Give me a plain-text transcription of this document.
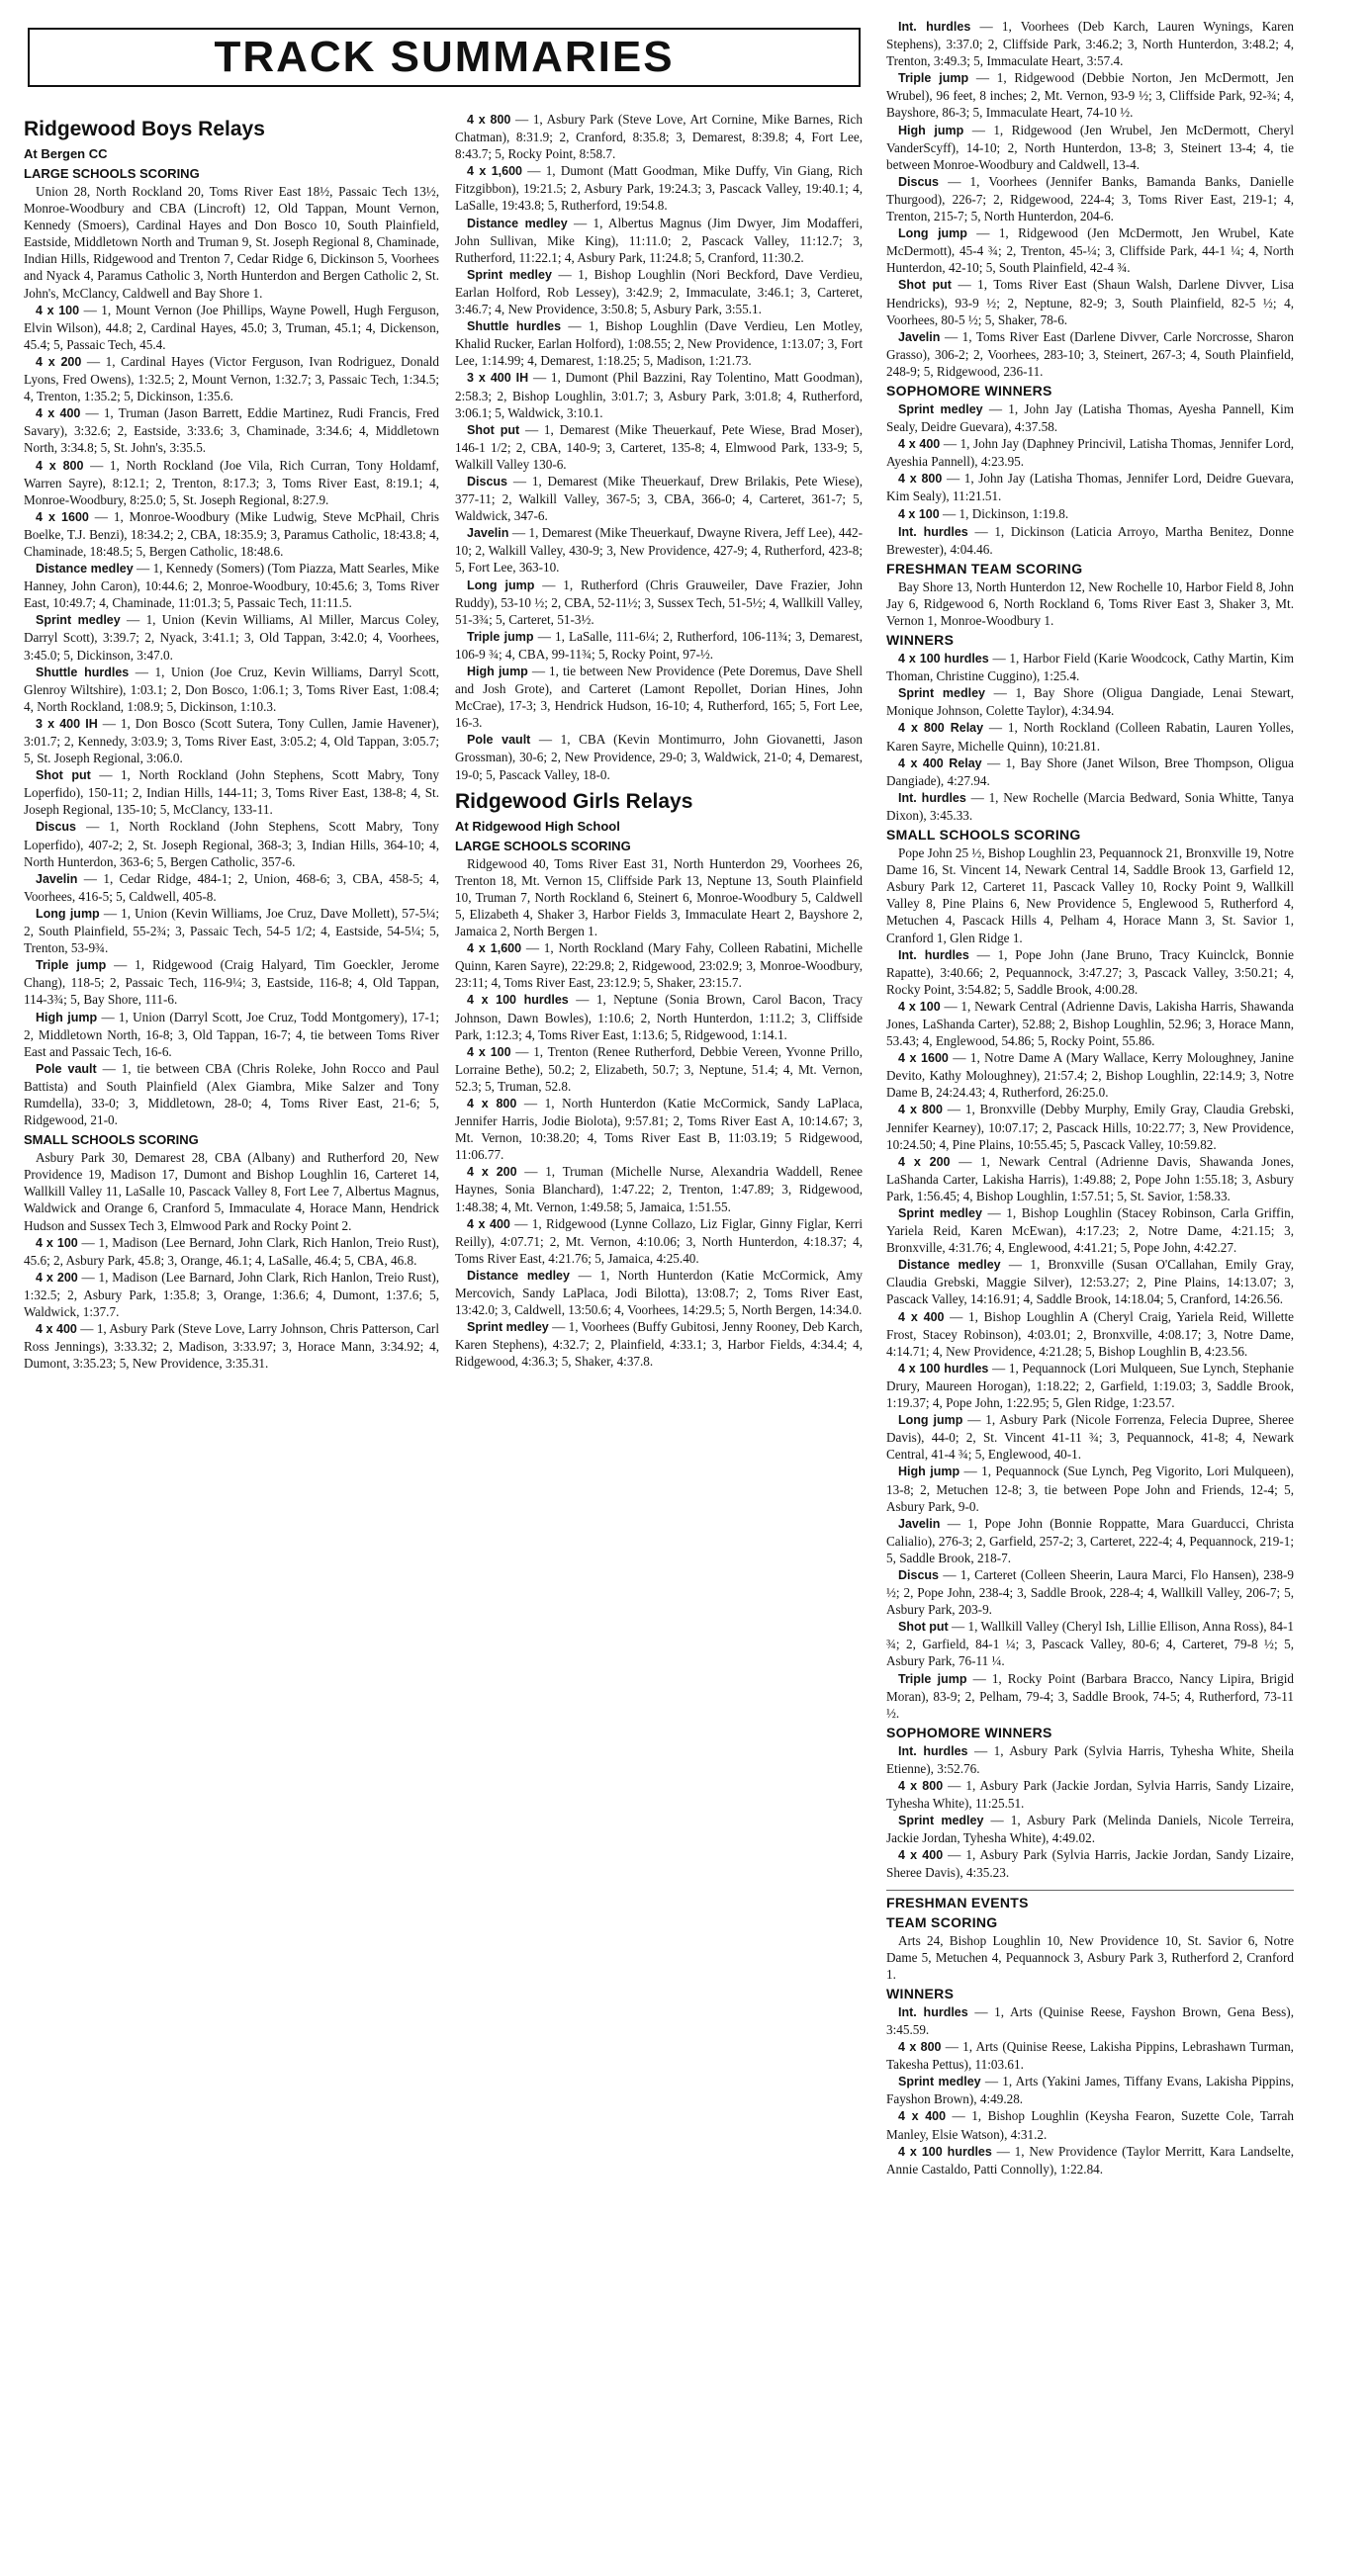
TRACK SUMMARIES
Ridgewood Boys Relays
At Bergen CC
LARGE SCHOOLS SCORING

Union 28, North Rockland 20, Toms River East 18½, Passaic Tech 13½, Monroe-Woodbury and CBA (Lincroft) 12, Old Tappan, Mount Vernon, Kennedy (Smoers), Cardinal Hayes and Don Bosco 10, South Plainfield, Eastside, Middletown North and Truman 9, St. Joseph Regional 8, Chaminade, Indian Hills, Ridgewood and Trenton 7, Cedar Ridge 6, Dickinson 5, Voorhees and Nyack 4, Paramus Catholic 3, North Hunterdon and Bergen Catholic 2, St. John's, McClancy, Caldwell and Bay Shore 1.

4 x 100 — 1, Mount Vernon (Joe Phillips, Wayne Powell, Hugh Ferguson, Elvin Wilson), 44.8; 2, Cardinal Hayes, 45.0; 3, Truman, 45.1; 4, Dickenson, 45.4; 5, Passaic Tech, 45.4.

4 x 200 — 1, Cardinal Hayes (Victor Ferguson, Ivan Rodriguez, Donald Lyons, Fred Owens), 1:32.5; 2, Mount Vernon, 1:32.7; 3, Passaic Tech, 1:34.5; 4, Trenton, 1:35.2; 5, Dickinson, 1:35.6.

4 x 400 — 1, Truman (Jason Barrett, Eddie Martinez, Rudi Francis, Fred Savary), 3:32.6; 2, Eastside, 3:33.6; 3, Chaminade, 3:34.6; 4, Middletown North, 3:34.8; 5, St. John's, 3:35.5.

4 x 800 — 1, North Rockland (Joe Vila, Rich Curran, Tony Holdamf, Warren Sayre), 8:12.1; 2, Trenton, 8:17.3; 3, Toms River East, 8:19.1; 4, Monroe-Woodbury, 8:25.0; 5, St. Joseph Regional, 8:27.9.

4 x 1600 — 1, Monroe-Woodbury (Mike Ludwig, Steve McPhail, Chris Boelke, T.J. Benzi), 18:34.2; 2, CBA, 18:35.9; 3, Paramus Catholic, 18:43.8; 4, Chaminade, 18:48.5; 5, Bergen Catholic, 18:48.6.

Distance medley — 1, Kennedy (Somers) (Tom Piazza, Matt Searles, Mike Hanney, John Caron), 10:44.6; 2, Monroe-Woodbury, 10:45.6; 3, Toms River East, 10:49.7; 4, Chaminade, 11:01.3; 5, Passaic Tech, 11:11.5.

Sprint medley — 1, Union (Kevin Williams, Al Miller, Marcus Coley, Darryl Scott), 3:39.7; 2, Nyack, 3:41.1; 3, Old Tappan, 3:42.0; 4, Voorhees, 3:45.0; 5, Dickinson, 3:47.0.

Shuttle hurdles — 1, Union (Joe Cruz, Kevin Williams, Darryl Scott, Glenroy Wiltshire), 1:03.1; 2, Don Bosco, 1:06.1; 3, Toms River East, 1:08.4; 4, North Rockland, 1:08.9; 5, Dickinson, 1:10.3.

3 x 400 IH — 1, Don Bosco (Scott Sutera, Tony Cullen, Jamie Havener), 3:01.7; 2, Kennedy, 3:03.9; 3, Toms River East, 3:05.2; 4, Old Tappan, 3:05.7; 5, St. Joseph Regional, 3:06.0.

Shot put — 1, North Rockland (John Stephens, Scott Mabry, Tony Loperfido), 150-11; 2, Indian Hills, 144-11; 3, Toms River East, 138-8; 4, St. Joseph Regional, 135-10; 5, McClancy, 133-11.

Discus — 1, North Rockland (John Stephens, Scott Mabry, Tony Loperfido), 407-2; 2, St. Joseph Regional, 368-3; 3, Indian Hills, 364-10; 4, North Hunterdon, 363-6; 5, Bergen Catholic, 357-6.

Javelin — 1, Cedar Ridge, 484-1; 2, Union, 468-6; 3, CBA, 458-5; 4, Voorhees, 416-5; 5, Caldwell, 405-8.

Long jump — 1, Union (Kevin Williams, Joe Cruz, Dave Mollett), 57-5¼; 2, South Plainfield, 55-2¾; 3, Passaic Tech, 54-5 1/2; 4, Eastside, 54-5¼; 5, Trenton, 53-9¾.

Triple jump — 1, Ridgewood (Craig Halyard, Tim Goeckler, Jerome Chang), 118-5; 2, Passaic Tech, 116-9¼; 3, Eastside, 116-8; 4, Old Tappan, 114-3¾; 5, Bay Shore, 111-6.

High jump — 1, Union (Darryl Scott, Joe Cruz, Todd Montgomery), 17-1; 2, Middletown North, 16-8; 3, Old Tappan, 16-7; 4, tie between Toms River East and Passaic Tech, 16-6.

Pole vault — 1, tie between CBA (Chris Roleke, John Rocco and Paul Battista) and South Plainfield (Alex Giambra, Mike Salzer and Tony Rumdella), 33-0; 3, Middletown, 28-0; 4, Toms River East, 21-6; 5, Ridgewood, 21-0.

SMALL SCHOOLS SCORING

Asbury Park 30, Demarest 28, CBA (Albany) and Rutherford 20, New Providence 19, Madison 17, Dumont and Bishop Loughlin 16, Carteret 14, Wallkill Valley 11, LaSalle 10, Pascack Valley 8, Fort Lee 7, Albertus Magnus, Waldwick and Orange 6, Cranford 5, Immaculate 4, Horace Mann, Hendrick Hudson and Sussex Tech 3, Elmwood Park and Rocky Point 2.

4 x 100 — 1, Madison (Lee Bernard, John Clark, Rich Hanlon, Treio Rust), 45.6; 2, Asbury Park, 45.8; 3, Orange, 46.1; 4, LaSalle, 46.4; 5, CBA, 46.8.

4 x 200 — 1, Madison (Lee Barnard, John Clark, Rich Hanlon, Treio Rust), 1:32.5; 2, Asbury Park, 1:35.8; 3, Orange, 1:36.6; 4, Dumont, 1:37.6; 5, Waldwick, 1:37.7.

4 x 400 — 1, Asbury Park (Steve Love, Larry Johnson, Chris Patterson, Carl Ross Jennings), 3:33.32; 2, Madison, 3:33.97; 3, Horace Mann, 3:34.92; 4, Dumont, 3:35.23; 5, New Providence, 3:35.31.

4 x 800 — 1, Asbury Park (Steve Love, Art Cornine, Mike Barnes, Rich Chatman), 8:31.9; 2, Cranford, 8:35.8; 3, Demarest, 8:39.8; 4, Fort Lee, 8:43.7; 5, Rocky Point, 8:58.7.

4 x 1,600 — 1, Dumont (Matt Goodman, Mike Duffy, Vin Giang, Rich Fitzgibbon), 19:21.5; 2, Asbury Park, 19:24.3; 3, Pascack Valley, 19:40.1; 4, LaSalle, 19:43.8; 5, Rutherford, 19:54.8.

Distance medley — 1, Albertus Magnus (Jim Dwyer, Jim Modafferi, John Sullivan, Mike King), 11:11.0; 2, Pascack Valley, 11:12.7; 3, Rutherford, 11:22.1; 4, Asbury Park, 11:24.8; 5, Cranford, 11:30.2.

Sprint medley — 1, Bishop Loughlin (Nori Beckford, Dave Verdieu, Earlan Holford, Rob Lessey), 3:42.9; 2, Immaculate, 3:46.1; 3, Carteret, 3:46.7; 4, New Providence, 3:50.8; 5, Asbury Park, 3:55.1.

Shuttle hurdles — 1, Bishop Loughlin (Dave Verdieu, Len Motley, Khalid Rucker, Earlan Holford), 1:08.55; 2, New Providence, 1:13.07; 3, Fort Lee, 1:14.99; 4, Demarest, 1:18.25; 5, Madison, 1:21.73.

3 x 400 IH — 1, Dumont (Phil Bazzini, Ray Tolentino, Matt Goodman), 2:58.3; 2, Bishop Loughlin, 3:01.7; 3, Asbury Park, 3:01.8; 4, Rutherford, 3:06.1; 5, Waldwick, 3:10.1.

Shot put — 1, Demarest (Mike Theuerkauf, Pete Wiese, Brad Moser), 146-1 1/2; 2, CBA, 140-9; 3, Carteret, 135-8; 4, Elmwood Park, 133-9; 5, Walkill Valley 130-6.

Discus — 1, Demarest (Mike Theuerkauf, Drew Brilakis, Pete Wiese), 377-11; 2, Walkill Valley, 367-5; 3, CBA, 366-0; 4, Carteret, 361-7; 5, Waldwick, 347-6.

Javelin — 1, Demarest (Mike Theuerkauf, Dwayne Rivera, Jeff Lee), 442-10; 2, Walkill Valley, 430-9; 3, New Providence, 427-9; 4, Rutherford, 423-8; 5, Fort Lee, 363-10.

Long jump — 1, Rutherford (Chris Grauweiler, Dave Frazier, John Ruddy), 53-10 ½; 2, CBA, 52-11½; 3, Sussex Tech, 51-5½; 4, Wallkill Valley, 51-3¾; 5, Carteret, 51-3½.

Triple jump — 1, LaSalle, 111-6¼; 2, Rutherford, 106-11¾; 3, Demarest, 106-9 ¾; 4, CBA, 99-11¾; 5, Rocky Point, 97-½.

High jump — 1, tie between New Providence (Pete Doremus, Dave Shell and Josh Grote), and Carteret (Lamont Repollet, Dorian Hines, John McCrae), 17-3; 3, Hendrick Hudson, 16-10; 4, Rutherford, 165; 5, Fort Lee, 16-3.

Pole vault — 1, CBA (Kevin Montimurro, John Giovanetti, Jason Grossman), 30-6; 2, New Providence, 29-0; 3, Waldwick, 21-0; 4, Demarest, 19-0; 5, Pascack Valley, 18-0.

Ridgewood Girls Relays
At Ridgewood High School
LARGE SCHOOLS SCORING

Ridgewood 40, Toms River East 31, North Hunterdon 29, Voorhees 26, Trenton 18, Mt. Vernon 15, Cliffside Park 13, Neptune 13, South Plainfield 10, Truman 7, North Rockland 6, Steinert 6, Monroe-Woodbury 5, Caldwell 5, Elizabeth 4, Shaker 3, Harbor Fields 3, Immaculate Heart 2, Bayshore 2, Jamaica 2, North Bergen 1.

4 x 1,600 — 1, North Rockland (Mary Fahy, Colleen Rabatini, Michelle Quinn, Karen Sayre), 22:29.8; 2, Ridgewood, 23:02.9; 3, Monroe-Woodbury, 23:11; 4, Toms River East, 23:12.9; 5, Shaker, 23:15.7.

4 x 100 hurdles — 1, Neptune (Sonia Brown, Carol Bacon, Tracy Johnson, Dawn Bowles), 1:10.6; 2, North Hunterdon, 1:11.2; 3, Cliffside Park, 1:12.3; 4, Toms River East, 1:13.6; 5, Ridgewood, 1:14.1.

4 x 100 — 1, Trenton (Renee Rutherford, Debbie Vereen, Yvonne Prillo, Lorraine Bethe), 50.2; 2, Elizabeth, 50.7; 3, Neptune, 51.4; 4, Mt. Vernon, 52.3; 5, Truman, 52.8.

4 x 800 — 1, North Hunterdon (Katie McCormick, Sandy LaPlaca, Jennifer Harris, Jodie Biolota), 9:57.81; 2, Toms River East A, 10:14.67; 3, Mt. Vernon, 10:38.20; 4, Toms River East B, 11:03.19; 5 Ridgewood, 11:06.77.

4 x 200 — 1, Truman (Michelle Nurse, Alexandria Waddell, Renee Haynes, Sonia Blanchard), 1:47.22; 2, Trenton, 1:47.89; 3, Ridgewood, 1:48.38; 4, Mt. Vernon, 1:49.58; 5, Jamaica, 1:51.55.

4 x 400 — 1, Ridgewood (Lynne Collazo, Liz Figlar, Ginny Figlar, Kerri Reilly), 4:07.71; 2, Mt. Vernon, 4:10.06; 3, North Hunterdon, 4:18.37; 4, Toms River East, 4:21.76; 5, Jamaica, 4:25.40.

Distance medley — 1, North Hunterdon (Katie McCormick, Amy Mercovich, Sandy LaPlaca, Jodi Bilotta), 13:08.7; 2, Toms River East, 13:42.0; 3, Caldwell, 13:50.6; 4, Voorhees, 14:29.5; 5, North Bergen, 14:34.0.

Sprint medley — 1, Voorhees (Buffy Gubitosi, Jenny Rooney, Deb Karch, Karen Stephens), 4:32.7; 2, Plainfield, 4:33.1; 3, Harbor Fields, 4:34.4; 4, Ridgewood, 4:36.3; 5, Shaker, 4:37.8.

Int. hurdles — 1, Voorhees (Deb Karch, Lauren Wynings, Karen Stephens), 3:37.0; 2, Cliffside Park, 3:46.2; 3, North Hunterdon, 3:48.2; 4, Trenton, 3:49.3; 5, Immaculate Heart, 3:57.4.

Triple jump — 1, Ridgewood (Debbie Norton, Jen McDermott, Jen Wrubel), 96 feet, 8 inches; 2, Mt. Vernon, 93-9 ½; 3, Cliffside Park, 92-¾; 4, Bayshore, 86-3; 5, Immaculate Heart, 74-10 ½.

High jump — 1, Ridgewood (Jen Wrubel, Jen McDermott, Cheryl VanderScyff), 14-10; 2, North Hunterdon, 13-8; 3, Steinert 13-4; 4, tie between Monroe-Woodbury and Caldwell, 13-4.

Discus — 1, Voorhees (Jennifer Banks, Bamanda Banks, Danielle Thurgood), 226-7; 2, Ridgewood, 224-4; 3, Toms River East, 219-1; 4, Trenton, 215-7; 5, North Hunterdon, 204-6.

Long jump — 1, Ridgewood (Jen McDermott, Jen Wrubel, Kate McDermott), 45-4 ¾; 2, Trenton, 45-¼; 3, Cliffside Park, 44-1 ¼; 4, North Hunterdon, 42-10; 5, South Plainfield, 42-4 ¾.

Shot put — 1, Toms River East (Shaun Walsh, Darlene Divver, Lisa Hendricks), 93-9 ½; 2, Neptune, 82-9; 3, South Plainfield, 82-5 ½; 4, Voorhees, 80-5 ½; 5, Shaker, 78-6.

Javelin — 1, Toms River East (Darlene Divver, Carle Norcrosse, Sharon Grasso), 306-2; 2, Voorhees, 283-10; 3, Steinert, 267-3; 4, South Plainfield, 248-9; 5, Ridgewood, 236-11.

SOPHOMORE WINNERS

Sprint medley — 1, John Jay (Latisha Thomas, Ayesha Pannell, Kim Sealy, Deidre Guevara), 4:37.58.

4 x 400 — 1, John Jay (Daphney Princivil, Latisha Thomas, Jennifer Lord, Ayeshia Pannell), 4:23.95.

4 x 800 — 1, John Jay (Latisha Thomas, Jennifer Lord, Deidre Guevara, Kim Sealy), 11:21.51.

4 x 100 — 1, Dickinson, 1:19.8.

Int. hurdles — 1, Dickinson (Laticia Arroyo, Martha Benitez, Donne Brewester), 4:04.46.

FRESHMAN TEAM SCORING

Bay Shore 13, North Hunterdon 12, New Rochelle 10, Harbor Field 8, John Jay 6, Ridgewood 6, North Rockland 6, Toms River East 3, Shaker 3, Mt. Vernon 1, Monroe-Woodbury 1.

WINNERS

4 x 100 hurdles — 1, Harbor Field (Karie Woodcock, Cathy Martin, Kim Thoman, Christine Cuggino), 1:25.4.

Sprint medley — 1, Bay Shore (Oligua Dangiade, Lenai Stewart, Monique Johnson, Colette Taylor), 4:34.94.

4 x 800 Relay — 1, North Rockland (Colleen Rabatin, Lauren Yolles, Karen Sayre, Michelle Quinn), 10:21.81.

4 x 400 Relay — 1, Bay Shore (Janet Wilson, Bree Thompson, Oligua Dangiade), 4:27.94.

Int. hurdles — 1, New Rochelle (Marcia Bedward, Sonia Whitte, Tanya Dixon), 3:45.33.

SMALL SCHOOLS SCORING

Pope John 25 ½, Bishop Loughlin 23, Pequannock 21, Bronxville 19, Notre Dame 16, St. Vincent 14, Newark Central 14, Saddle Brook 13, Garfield 12, Asbury Park 12, Carteret 11, Pascack Valley 10, Rocky Point 9, Wallkill Valley 8, Pine Plains 6, New Providence 5, Englewood 5, Rutherford 4, Metuchen 4, Pascack Hills 4, Pelham 4, Horace Mann 3, St. Savior 1, Cranford 1, Glen Ridge 1.

Int. hurdles — 1, Pope John (Jane Bruno, Tracy Kuinclck, Bonnie Rapatte), 3:40.66; 2, Pequannock, 3:47.27; 3, Pascack Valley, 3:50.21; 4, Rocky Point, 3:54.82; 5, Saddle Brook, 4:00.28.

4 x 100 — 1, Newark Central (Adrienne Davis, Lakisha Harris, Shawanda Jones, LaShanda Carter), 52.88; 2, Bishop Loughlin, 52.96; 3, Horace Mann, 53.43; 4, Englewood, 54.86; 5, Rocky Point, 55.86.

4 x 1600 — 1, Notre Dame A (Mary Wallace, Kerry Moloughney, Janine Devito, Kathy Moloughney), 21:57.4; 2, Bishop Loughlin, 22:14.9; 3, Notre Dame B, 24:24.43; 4, Rutherford, 26:25.0.

4 x 800 — 1, Bronxville (Debby Murphy, Emily Gray, Claudia Grebski, Jennifer Kearney), 10:07.17; 2, Pascack Hills, 10:22.77; 3, New Providence, 10:24.50; 4, Pine Plains, 10:55.45; 5, Pascack Valley, 10:59.82.

4 x 200 — 1, Newark Central (Adrienne Davis, Shawanda Jones, LaShanda Carter, Lakisha Harris), 1:49.88; 2, Pope John 1:55.18; 3, Asbury Park, 1:56.45; 4, Bishop Loughlin, 1:57.51; 5, St. Savior, 1:58.33.

Sprint medley — 1, Bishop Loughlin (Stacey Robinson, Carla Griffin, Yariela Reid, Karen McEwan), 4:17.23; 2, Notre Dame, 4:21.15; 3, Bronxville, 4:31.76; 4, Englewood, 4:41.21; 5, Pope John, 4:42.27.

Distance medley — 1, Bronxville (Susan O'Callahan, Emily Gray, Claudia Grebski, Maggie Silver), 12:53.27; 2, Pine Plains, 14:13.07; 3, Pascack Valley, 14:16.91; 4, Saddle Brook, 14:18.04; 5, Cranford, 14:26.56.

4 x 400 — 1, Bishop Loughlin A (Cheryl Craig, Yariela Reid, Willette Frost, Stacey Robinson), 4:03.01; 2, Bronxville, 4:08.17; 3, Notre Dame, 4:14.71; 4, New Providence, 4:21.28; 5, Bishop Loughlin B, 4:23.56.

4 x 100 hurdles — 1, Pequannock (Lori Mulqueen, Sue Lynch, Stephanie Drury, Maureen Horogan), 1:18.22; 2, Garfield, 1:19.03; 3, Saddle Brook, 1:19.37; 4, Pope John, 1:22.95; 5, Glen Ridge, 1:23.57.

Long jump — 1, Asbury Park (Nicole Forrenza, Felecia Dupree, Sheree Davis), 44-0; 2, St. Vincent 41-11 ¾; 3, Pequannock, 41-8; 4, Newark Central, 41-4 ¾; 5, Englewood, 40-1.

High jump — 1, Pequannock (Sue Lynch, Peg Vigorito, Lori Mulqueen), 13-8; 2, Metuchen 12-8; 3, tie between Pope John and Friends, 12-4; 5, Asbury Park, 9-0.

Javelin — 1, Pope John (Bonnie Roppatte, Mara Guarducci, Christa Calialio), 276-3; 2, Garfield, 257-2; 3, Carteret, 222-4; 4, Pequannock, 219-1; 5, Saddle Brook, 218-7.

Discus — 1, Carteret (Colleen Sheerin, Laura Marci, Flo Hansen), 238-9 ½; 2, Pope John, 238-4; 3, Saddle Brook, 228-4; 4, Wallkill Valley, 206-7; 5, Asbury Park, 203-9.

Shot put — 1, Wallkill Valley (Cheryl Ish, Lillie Ellison, Anna Ross), 84-1 ¾; 2, Garfield, 84-1 ¼; 3, Pascack Valley, 80-6; 4, Carteret, 79-8 ½; 5, Asbury Park, 76-11 ¼.

Triple jump — 1, Rocky Point (Barbara Bracco, Nancy Lipira, Brigid Moran), 83-9; 2, Pelham, 79-4; 3, Saddle Brook, 74-5; 4, Rutherford, 73-11 ½.

SOPHOMORE WINNERS

Int. hurdles — 1, Asbury Park (Sylvia Harris, Tyhesha White, Sheila Etienne), 3:52.76.

4 x 800 — 1, Asbury Park (Jackie Jordan, Sylvia Harris, Sandy Lizaire, Tyhesha White), 11:25.51.

Sprint medley — 1, Asbury Park (Melinda Daniels, Nicole Terreira, Jackie Jordan, Tyhesha White), 4:49.02.

4 x 400 — 1, Asbury Park (Sylvia Harris, Jackie Jordan, Sandy Lizaire, Sheree Davis), 4:35.23.

FRESHMAN EVENTS
TEAM SCORING

Arts 24, Bishop Loughlin 10, New Providence 10, St. Savior 6, Notre Dame 5, Metuchen 4, Pequannock 3, Asbury Park 3, Rutherford 2, Cranford 1.

WINNERS

Int. hurdles — 1, Arts (Quinise Reese, Fayshon Brown, Gena Bess), 3:45.59.

4 x 800 — 1, Arts (Quinise Reese, Lakisha Pippins, Lebrashawn Turman, Takesha Pettus), 11:03.61.

Sprint medley — 1, Arts (Yakini James, Tiffany Evans, Lakisha Pippins, Fayshon Brown), 4:49.28.

4 x 400 — 1, Bishop Loughlin (Keysha Fearon, Suzette Cole, Tarrah Manley, Elsie Watson), 4:31.2.

4 x 100 hurdles — 1, New Providence (Taylor Merritt, Kara Landselte, Annie Castaldo, Patti Connolly), 1:22.84.
